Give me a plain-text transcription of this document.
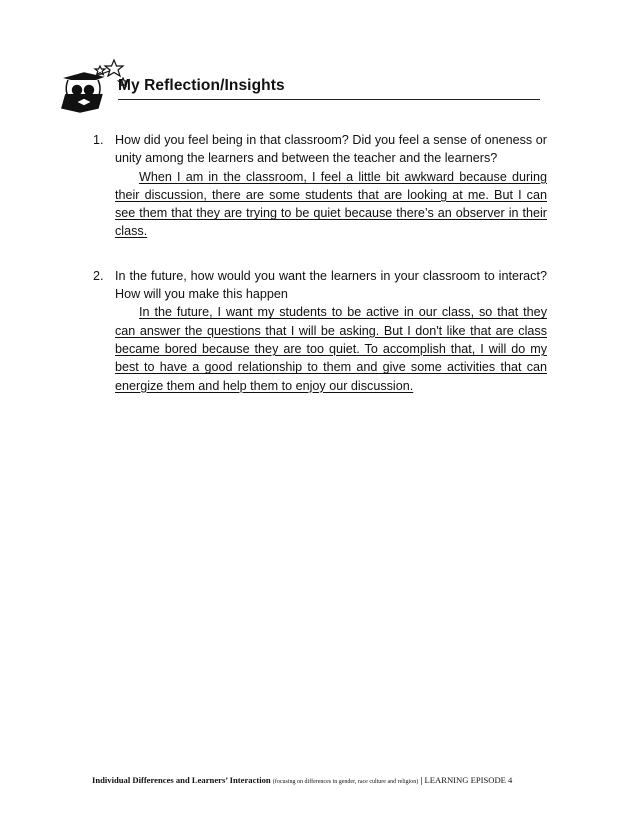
My Reflection/Insights
1. How did you feel being in that classroom? Did you feel a sense of oneness or unity among the learners and between the teacher and the learners?
When I am in the classroom, I feel a little bit awkward because during their discussion, there are some students that are looking at me. But I can see them that they are trying to be quiet because there’s an observer in their class.
2. In the future, how would you want the learners in your classroom to interact? How will you make this happen
In the future, I want my students to be active in our class, so that they can answer the questions that I will be asking. But I don't like that are class became bored because they are too quiet. To accomplish that, I will do my best to have a good relationship to them and give some activities that can energize them and help them to enjoy our discussion.
Individual Differences and Learners’ Interaction (focusing on differences in gender, race culture and religion) | LEARNING EPISODE 4
